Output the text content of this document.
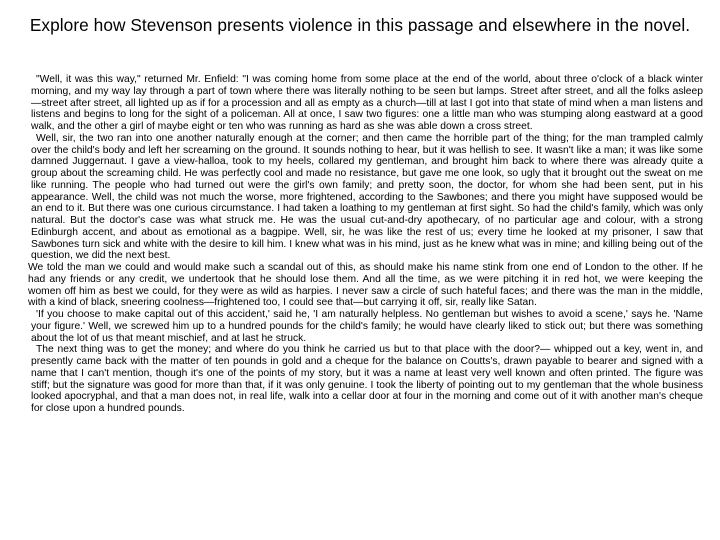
Explore how Stevenson presents violence in this passage and elsewhere in the novel.

"Well, it was this way," returned Mr. Enfield: "I was coming home from some place at the end of the world, about three o'clock of a black winter morning, and my way lay through a part of town where there was literally nothing to be seen but lamps. Street after street, and all the folks asleep—street after street, all lighted up as if for a procession and all as empty as a church—till at last I got into that state of mind when a man listens and listens and begins to long for the sight of a policeman. All at once, I saw two figures: one a little man who was stumping along eastward at a good walk, and the other a girl of maybe eight or ten who was running as hard as she was able down a cross street.

Well, sir, the two ran into one another naturally enough at the corner; and then came the horrible part of the thing; for the man trampled calmly over the child's body and left her screaming on the ground. It sounds nothing to hear, but it was hellish to see. It wasn't like a man; it was like some damned Juggernaut. I gave a view-halloa, took to my heels, collared my gentleman, and brought him back to where there was already quite a group about the screaming child. He was perfectly cool and made no resistance, but gave me one look, so ugly that it brought out the sweat on me like running. The people who had turned out were the girl's own family; and pretty soon, the doctor, for whom she had been sent, put in his appearance. Well, the child was not much the worse, more frightened, according to the Sawbones; and there you might have supposed would be an end to it. But there was one curious circumstance. I had taken a loathing to my gentleman at first sight. So had the child's family, which was only natural. But the doctor's case was what struck me. He was the usual cut-and-dry apothecary, of no particular age and colour, with a strong Edinburgh accent, and about as emotional as a bagpipe. Well, sir, he was like the rest of us; every time he looked at my prisoner, I saw that Sawbones turn sick and white with the desire to kill him. I knew what was in his mind, just as he knew what was in mine; and killing being out of the question, we did the next best.

We told the man we could and would make such a scandal out of this, as should make his name stink from one end of London to the other. If he had any friends or any credit, we undertook that he should lose them. And all the time, as we were pitching it in red hot, we were keeping the women off him as best we could, for they were as wild as harpies. I never saw a circle of such hateful faces; and there was the man in the middle, with a kind of black, sneering coolness—frightened too, I could see that—but carrying it off, sir, really like Satan.

'If you choose to make capital out of this accident,' said he, 'I am naturally helpless. No gentleman but wishes to avoid a scene,' says he. 'Name your figure.' Well, we screwed him up to a hundred pounds for the child's family; he would have clearly liked to stick out; but there was something about the lot of us that meant mischief, and at last he struck.

The next thing was to get the money; and where do you think he carried us but to that place with the door?— whipped out a key, went in, and presently came back with the matter of ten pounds in gold and a cheque for the balance on Coutts's, drawn payable to bearer and signed with a name that I can't mention, though it's one of the points of my story, but it was a name at least very well known and often printed. The figure was stiff; but the signature was good for more than that, if it was only genuine. I took the liberty of pointing out to my gentleman that the whole business looked apocryphal, and that a man does not, in real life, walk into a cellar door at four in the morning and come out of it with another man's cheque for close upon a hundred pounds.
